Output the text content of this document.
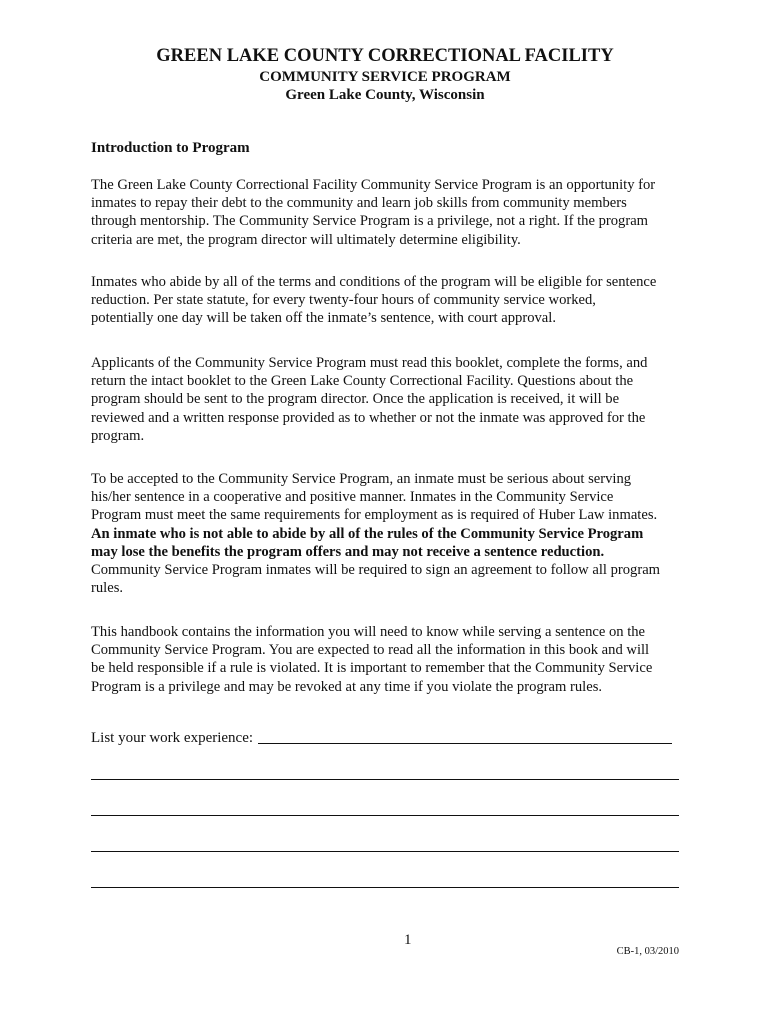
GREEN LAKE COUNTY CORRECTIONAL FACILITY
COMMUNITY SERVICE PROGRAM
Green Lake County, Wisconsin
Introduction to Program
The Green Lake County Correctional Facility Community Service Program is an opportunity for
inmates to repay their debt to the community and learn job skills from community members
through mentorship. The Community Service Program is a privilege, not a right. If the program
criteria are met, the program director will ultimately determine eligibility.
Inmates who abide by all of the terms and conditions of the program will be eligible for sentence
reduction. Per state statute, for every twenty-four hours of community service worked,
potentially one day will be taken off the inmate’s sentence, with court approval.
Applicants of the Community Service Program must read this booklet, complete the forms, and
return the intact booklet to the Green Lake County Correctional Facility. Questions about the
program should be sent to the program director. Once the application is received, it will be
reviewed and a written response provided as to whether or not the inmate was approved for the
program.
To be accepted to the Community Service Program, an inmate must be serious about serving
his/her sentence in a cooperative and positive manner. Inmates in the Community Service
Program must meet the same requirements for employment as is required of Huber Law inmates.
An inmate who is not able to abide by all of the rules of the Community Service Program
may lose the benefits the program offers and may not receive a sentence reduction.
Community Service Program inmates will be required to sign an agreement to follow all program
rules.
This handbook contains the information you will need to know while serving a sentence on the
Community Service Program. You are expected to read all the information in this book and will
be held responsible if a rule is violated. It is important to remember that the Community Service
Program is a privilege and may be revoked at any time if you violate the program rules.
List your work experience:
1
CB-1, 03/2010
